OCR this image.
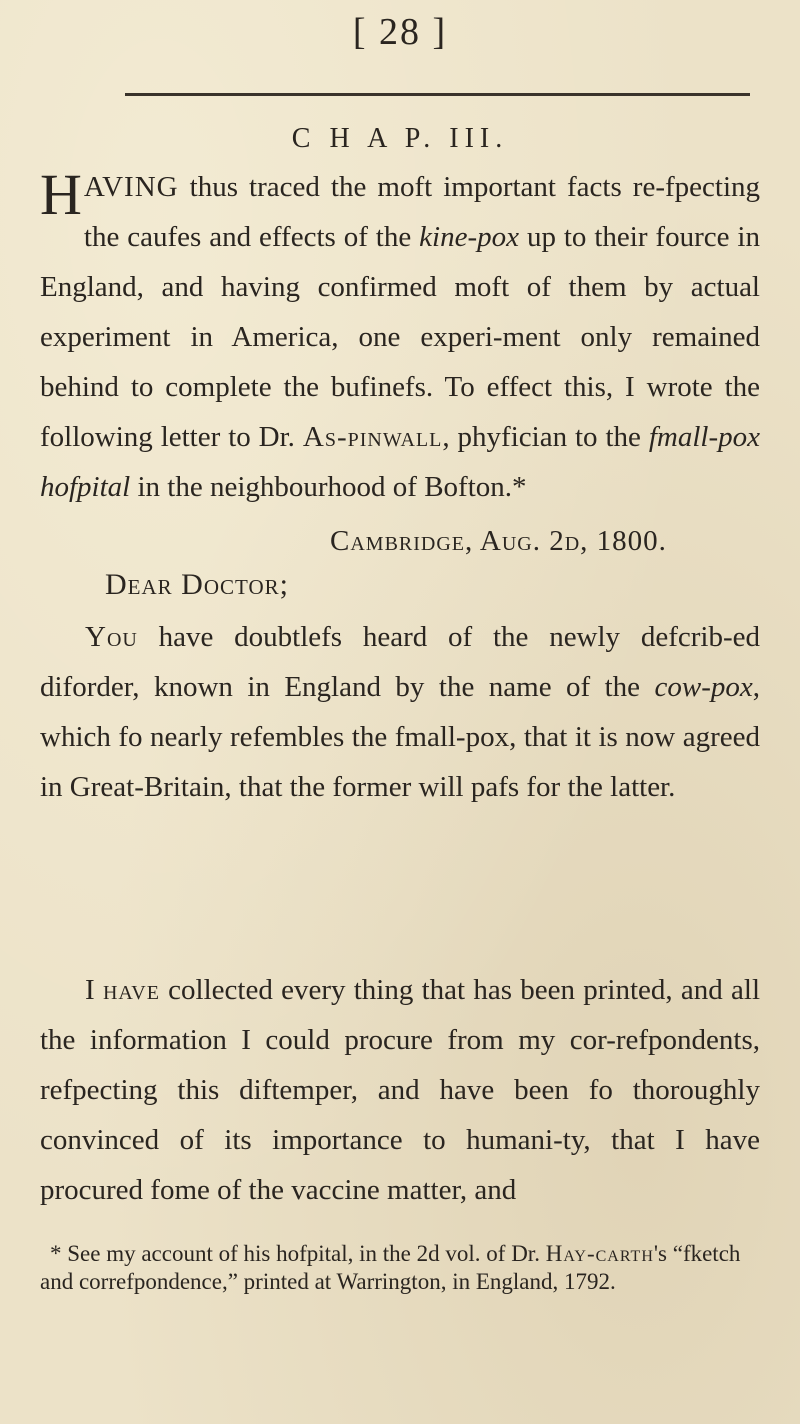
[ 28 ]
C H A P. III.
HAVING thus traced the moft important facts re-fpecting the caufes and effects of the kine-pox up to their fource in England, and having confirmed moft of them by actual experiment in America, one experi-ment only remained behind to complete the bufinefs. To effect this, I wrote the following letter to Dr. As-pinwall, phyfician to the fmall-pox hofpital in the neighbourhood of Bofton.*
Cambridge, Aug. 2d, 1800.
Dear Doctor;
You have doubtlefs heard of the newly defcrib-ed diforder, known in England by the name of the cow-pox, which fo nearly refembles the fmall-pox, that it is now agreed in Great-Britain, that the former will pafs for the latter.
I have collected every thing that has been printed, and all the information I could procure from my cor-refpondents, refpecting this diftemper, and have been fo thoroughly convinced of its importance to humani-ty, that I have procured fome of the vaccine matter, and
* See my account of his hofpital, in the 2d vol. of Dr. Hay-carth's “fketch and correfpondence,” printed at Warrington, in England, 1792.
